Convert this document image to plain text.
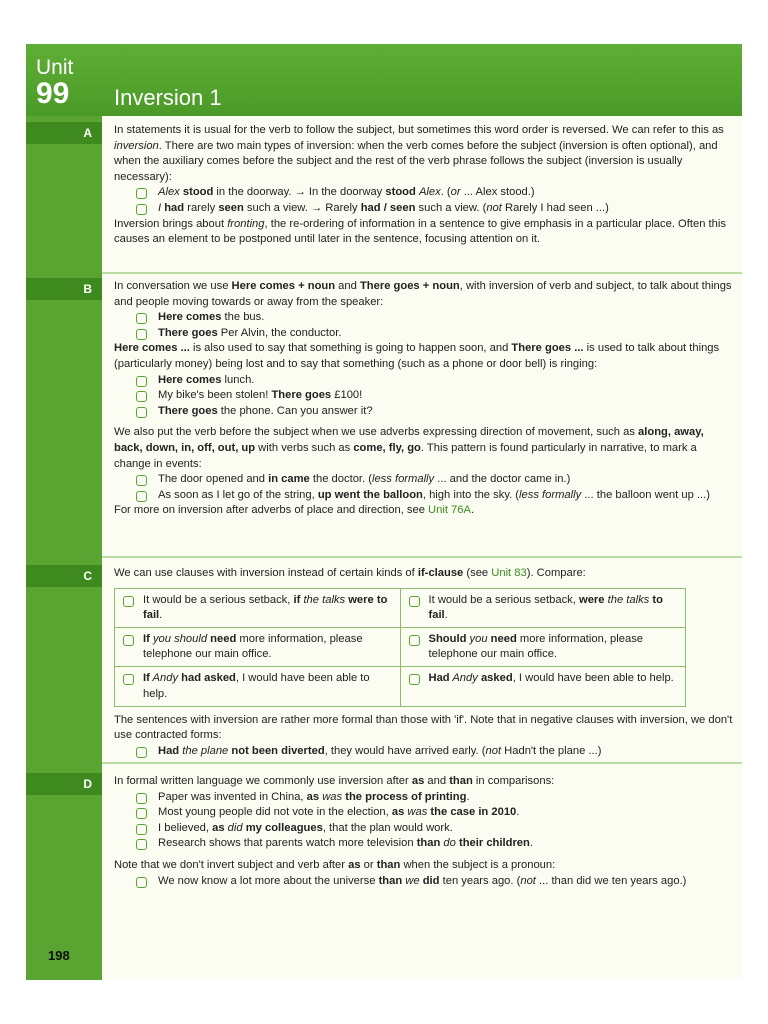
Unit
99 Inversion 1
A	In statements it is usual for the verb to follow the subject, but sometimes this word order is reversed. We can refer to this as inversion. There are two main types of inversion: when the verb comes before the subject (inversion is often optional), and when the auxiliary comes before the subject and the rest of the verb phrase follows the subject (inversion is usually necessary):

Alex stood in the doorway. → In the doorway stood Alex. (or ... Alex stood.)

I had rarely seen such a view. → Rarely had / seen such a view. (not Rarely I had seen ...)

Inversion brings about fronting, the re-ordering of information in a sentence to give emphasis in a particular place. Often this causes an element to be postponed until later in the sentence, focusing attention on it.

B	In conversation we use Here comes + noun and There goes + noun, with inversion of verb and subject, to talk about things and people moving towards or away from the speaker:

Here comes the bus.

There goes Per Alvin, the conductor.

Here comes ... is also used to say that something is going to happen soon, and There goes ... is used to talk about things (particularly money) being lost and to say that something (such as a phone or door bell) is ringing:

Here comes lunch.

My bike's been stolen! There goes £100!

There goes the phone. Can you answer it?

We also put the verb before the subject when we use adverbs expressing direction of movement, such as along, away, back, down, in, off, out, up with verbs such as come, fly, go. This pattern is found particularly in narrative, to mark a change in events:

The door opened and in came the doctor. (less formally ... and the doctor came in.)

As soon as I let go of the string, up went the balloon, high into the sky. (less formally ... the balloon went up ...)

For more on inversion after adverbs of place and direction, see Unit 76A.

C	We can use clauses with inversion instead of certain kinds of if-clause (see Unit 83). Compare:

It would be a serious setback, if the talks were to fail.	It would be a serious setback, were the talks to fail.
If you should need more information, please telephone our main office.	Should you need more information, please telephone our main office.
If Andy had asked, I would have been able to help.	Had Andy asked, I would have been able to help.

The sentences with inversion are rather more formal than those with 'if'. Note that in negative clauses with inversion, we don't use contracted forms:

Had the plane not been diverted, they would have arrived early. (not Hadn't the plane ...)

D	In formal written language we commonly use inversion after as and than in comparisons:

Paper was invented in China, as was the process of printing.

Most young people did not vote in the election, as was the case in 2010.

I believed, as did my colleagues, that the plan would work.

Research shows that parents watch more television than do their children.

Note that we don't invert subject and verb after as or than when the subject is a pronoun:

We now know a lot more about the universe than we did ten years ago. (not ... than did we ten years ago.)

198
